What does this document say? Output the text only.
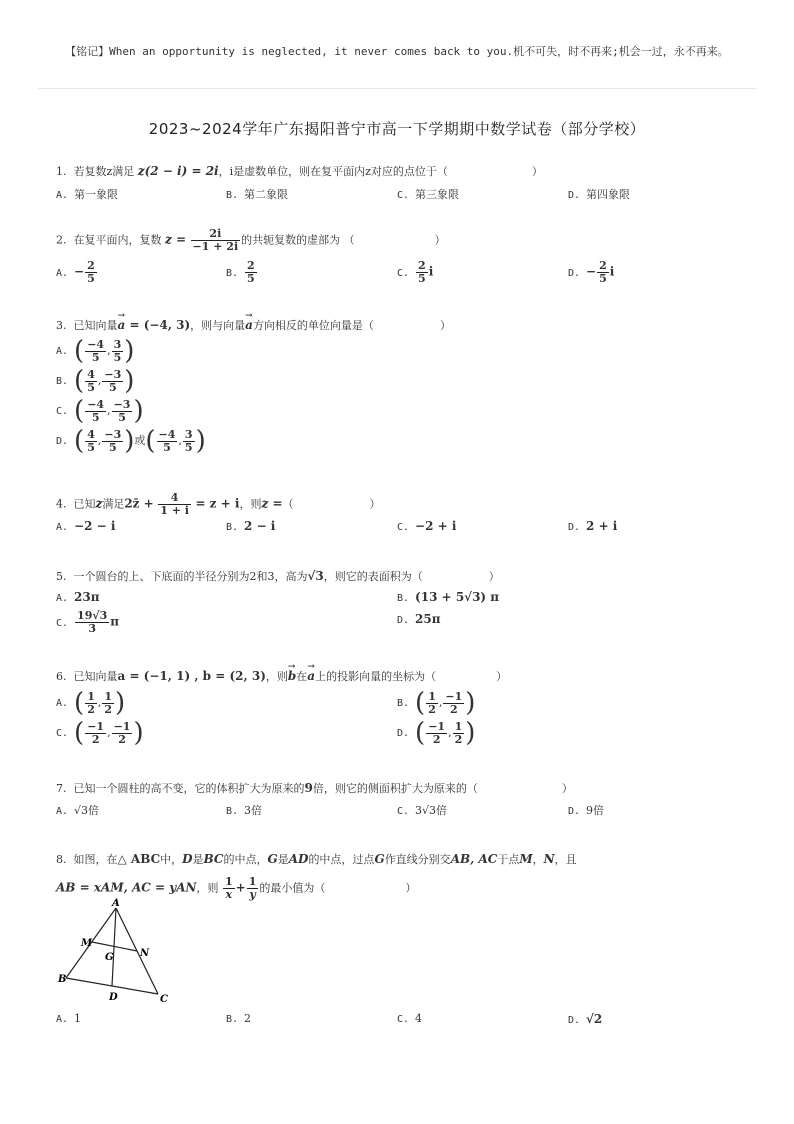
【铭记】When an opportunity is neglected, it never comes back to you.机不可失，时不再来;机会一过，永不再来。
2023~2024学年广东揭阳普宁市高一下学期期中数学试卷（部分学校）
1. 若复数z满足 z(2 − i) = 2i，i是虚数单位，则在复平面内z对应的点位于（	）
A. 第一象限	B. 第二象限	C. 第三象限	D. 第四象限
2. 在复平面内，复数 $z = \frac{2i}{-1 + 2i}$ 的共轭复数的虚部为 （	）
A. − $\frac{2}{5}$	B. $\frac{2}{5}$	C. $\frac{2}{5}$ i	D. − $\frac{2}{5}$ i
3. 已知向量→ a = (−4, 3)，则与向量→ a方向相反的单位向量是（	）
A. ( $\frac{-4}{5}$ , $\frac{3}{5}$ )
B. ( $\frac{4}{5}$ , $\frac{-3}{5}$ )
C. ( $\frac{-4}{5}$ , $\frac{-3}{5}$ )
D. ( $\frac{4}{5}$ , $\frac{-3}{5}$ )或( $\frac{-4}{5}$ , $\frac{3}{5}$ )
4. 已知z满足2z̄ + $\frac{4}{1 + i} = z + i$，则z =（	）
A. −2 − i	B. 2 − i	C. −2 + i	D. 2 + i
5. 一个圆台的上、下底面的半径分别为2和3，高为√3，则它的表面积为（	）
A. 23π	B. (13 + 5√3) π
C. $\frac{19√3}{3}$ π	D. 25π
6. 已知向量a = (−1, 1) , b = (2, 3)，则→ b在→ a上的投影向量的坐标为（	）
A. ( $\frac{1}{2}$ , $\frac{1}{2}$ )	B. ( $\frac{1}{2}$ , $\frac{-1}{2}$ )
C. ( $\frac{-1}{2}$ , $\frac{-1}{2}$ )	D. ( $\frac{-1}{2}$ , $\frac{1}{2}$ )
7. 已知一个圆柱的高不变，它的体积扩大为原来的9倍，则它的侧面积扩大为原来的（	）
A. √3倍	B. 3倍	C. 3√3倍	D. 9倍
8. 如图，在△ ABC中，D是BC的中点，G是AD的中点，过点G作直线分别交AB, AC于点M，N，且
AB = xAM, AC = yAN，则 $\frac{1}{x} + \frac{1}{y}$ 的最小值为（	）
A
B
C
D
M
N
G
A. 1	B. 2	C. 4	D. √2
